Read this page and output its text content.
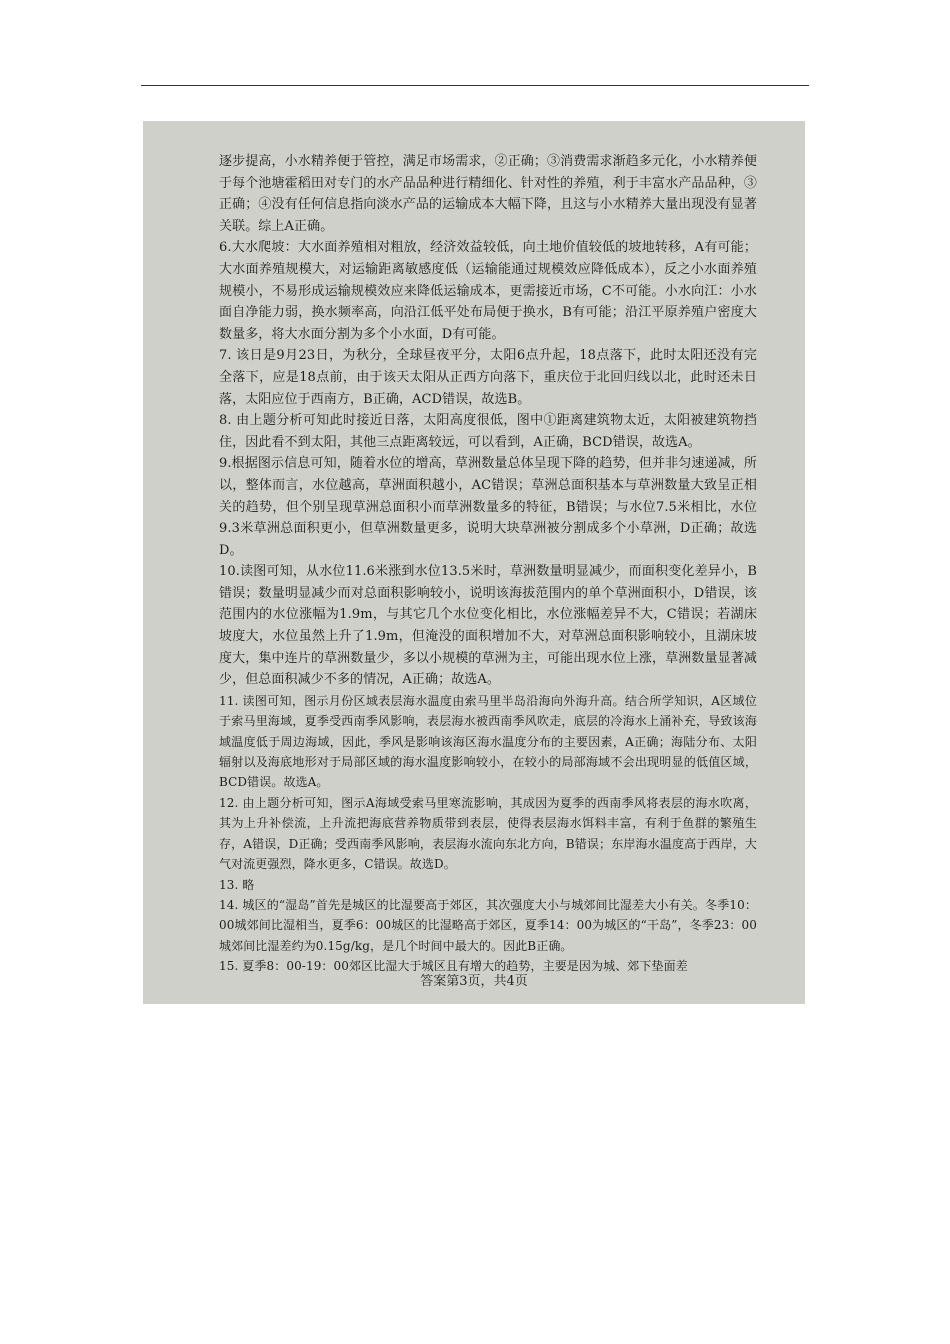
逐步提高，小水精养便于管控，满足市场需求，②正确；③消费需求渐趋多元化，小水精养便于每个池塘霍稻田对专门的水产品品种进行精细化、针对性的养殖，利于丰富水产品品种，③正确；④没有任何信息指向淡水产品的运输成本大幅下降，且这与小水精养大量出现没有显著关联。综上A正确。

6.大水爬坡：大水面养殖相对粗放，经济效益较低，向土地价值较低的坡地转移，A有可能；大水面养殖规模大，对运输距离敏感度低（运输能通过规模效应降低成本），反之小水面养殖规模小，不易形成运输规模效应来降低运输成本，更需接近市场，C不可能。小水向江：小水面自净能力弱，换水频率高，向沿江低平处布局便于换水，B有可能；沿江平原养殖户密度大数量多，将大水面分割为多个小水面，D有可能。

7. 该日是9月23日，为秋分，全球昼夜平分，太阳6点升起，18点落下，此时太阳还没有完全落下，应是18点前，由于该天太阳从正西方向落下，重庆位于北回归线以北，此时还未日落，太阳应位于西南方，B正确，ACD错误，故选B。

8. 由上题分析可知此时接近日落，太阳高度很低，图中①距离建筑物太近，太阳被建筑物挡住，因此看不到太阳，其他三点距离较远，可以看到，A正确，BCD错误，故选A。

9.根据图示信息可知，随着水位的增高，草洲数量总体呈现下降的趋势，但并非匀速递减，所以，整体而言，水位越高，草洲面积越小，AC错误；草洲总面积基本与草洲数量大致呈正相关的趋势，但个别呈现草洲总面积小而草洲数量多的特征，B错误；与水位7.5米相比，水位9.3米草洲总面积更小，但草洲数量更多，说明大块草洲被分割成多个小草洲，D正确；故选D。

10.读图可知，从水位11.6米涨到水位13.5米时，草洲数量明显减少，而面积变化差异小，B错误；数量明显减少而对总面积影响较小，说明该海拔范围内的单个草洲面积小，D错误，该范围内的水位涨幅为1.9m，与其它几个水位变化相比，水位涨幅差异不大，C错误；若湖床坡度大，水位虽然上升了1.9m，但淹没的面积增加不大，对草洲总面积影响较小，且湖床坡度大，集中连片的草洲数量少，多以小规模的草洲为主，可能出现水位上涨，草洲数量显著减少，但总面积减少不多的情况，A正确；故选A。

11. 读图可知，图示月份区域表层海水温度由索马里半岛沿海向外海升高。结合所学知识，A区域位于索马里海域，夏季受西南季风影响，表层海水被西南季风吹走，底层的冷海水上涌补充，导致该海域温度低于周边海域，因此，季风是影响该海区海水温度分布的主要因素，A正确；海陆分布、太阳辐射以及海底地形对于局部区域的海水温度影响较小，在较小的局部海域不会出现明显的低值区域，BCD错误。故选A。

12. 由上题分析可知，图示A海域受索马里寒流影响，其成因为夏季的西南季风将表层的海水吹离，其为上升补偿流，上升流把海底营养物质带到表层，使得表层海水饵料丰富，有利于鱼群的繁殖生存，A错误，D正确；受西南季风影响，表层海水流向东北方向，B错误；东岸海水温度高于西岸，大气对流更强烈，降水更多，C错误。故选D。

13. 略

14. 城区的“湿岛”首先是城区的比湿要高于郊区，其次强度大小与城郊间比湿差大小有关。冬季10：00城郊间比湿相当，夏季6：00城区的比湿略高于郊区，夏季14：00为城区的“干岛”，冬季23：00城郊间比湿差约为0.15g/kg，是几个时间中最大的。因此B正确。

15. 夏季8：00-19：00郊区比湿大于城区且有增大的趋势，主要是因为城、郊下垫面差

答案第3页，共4页
